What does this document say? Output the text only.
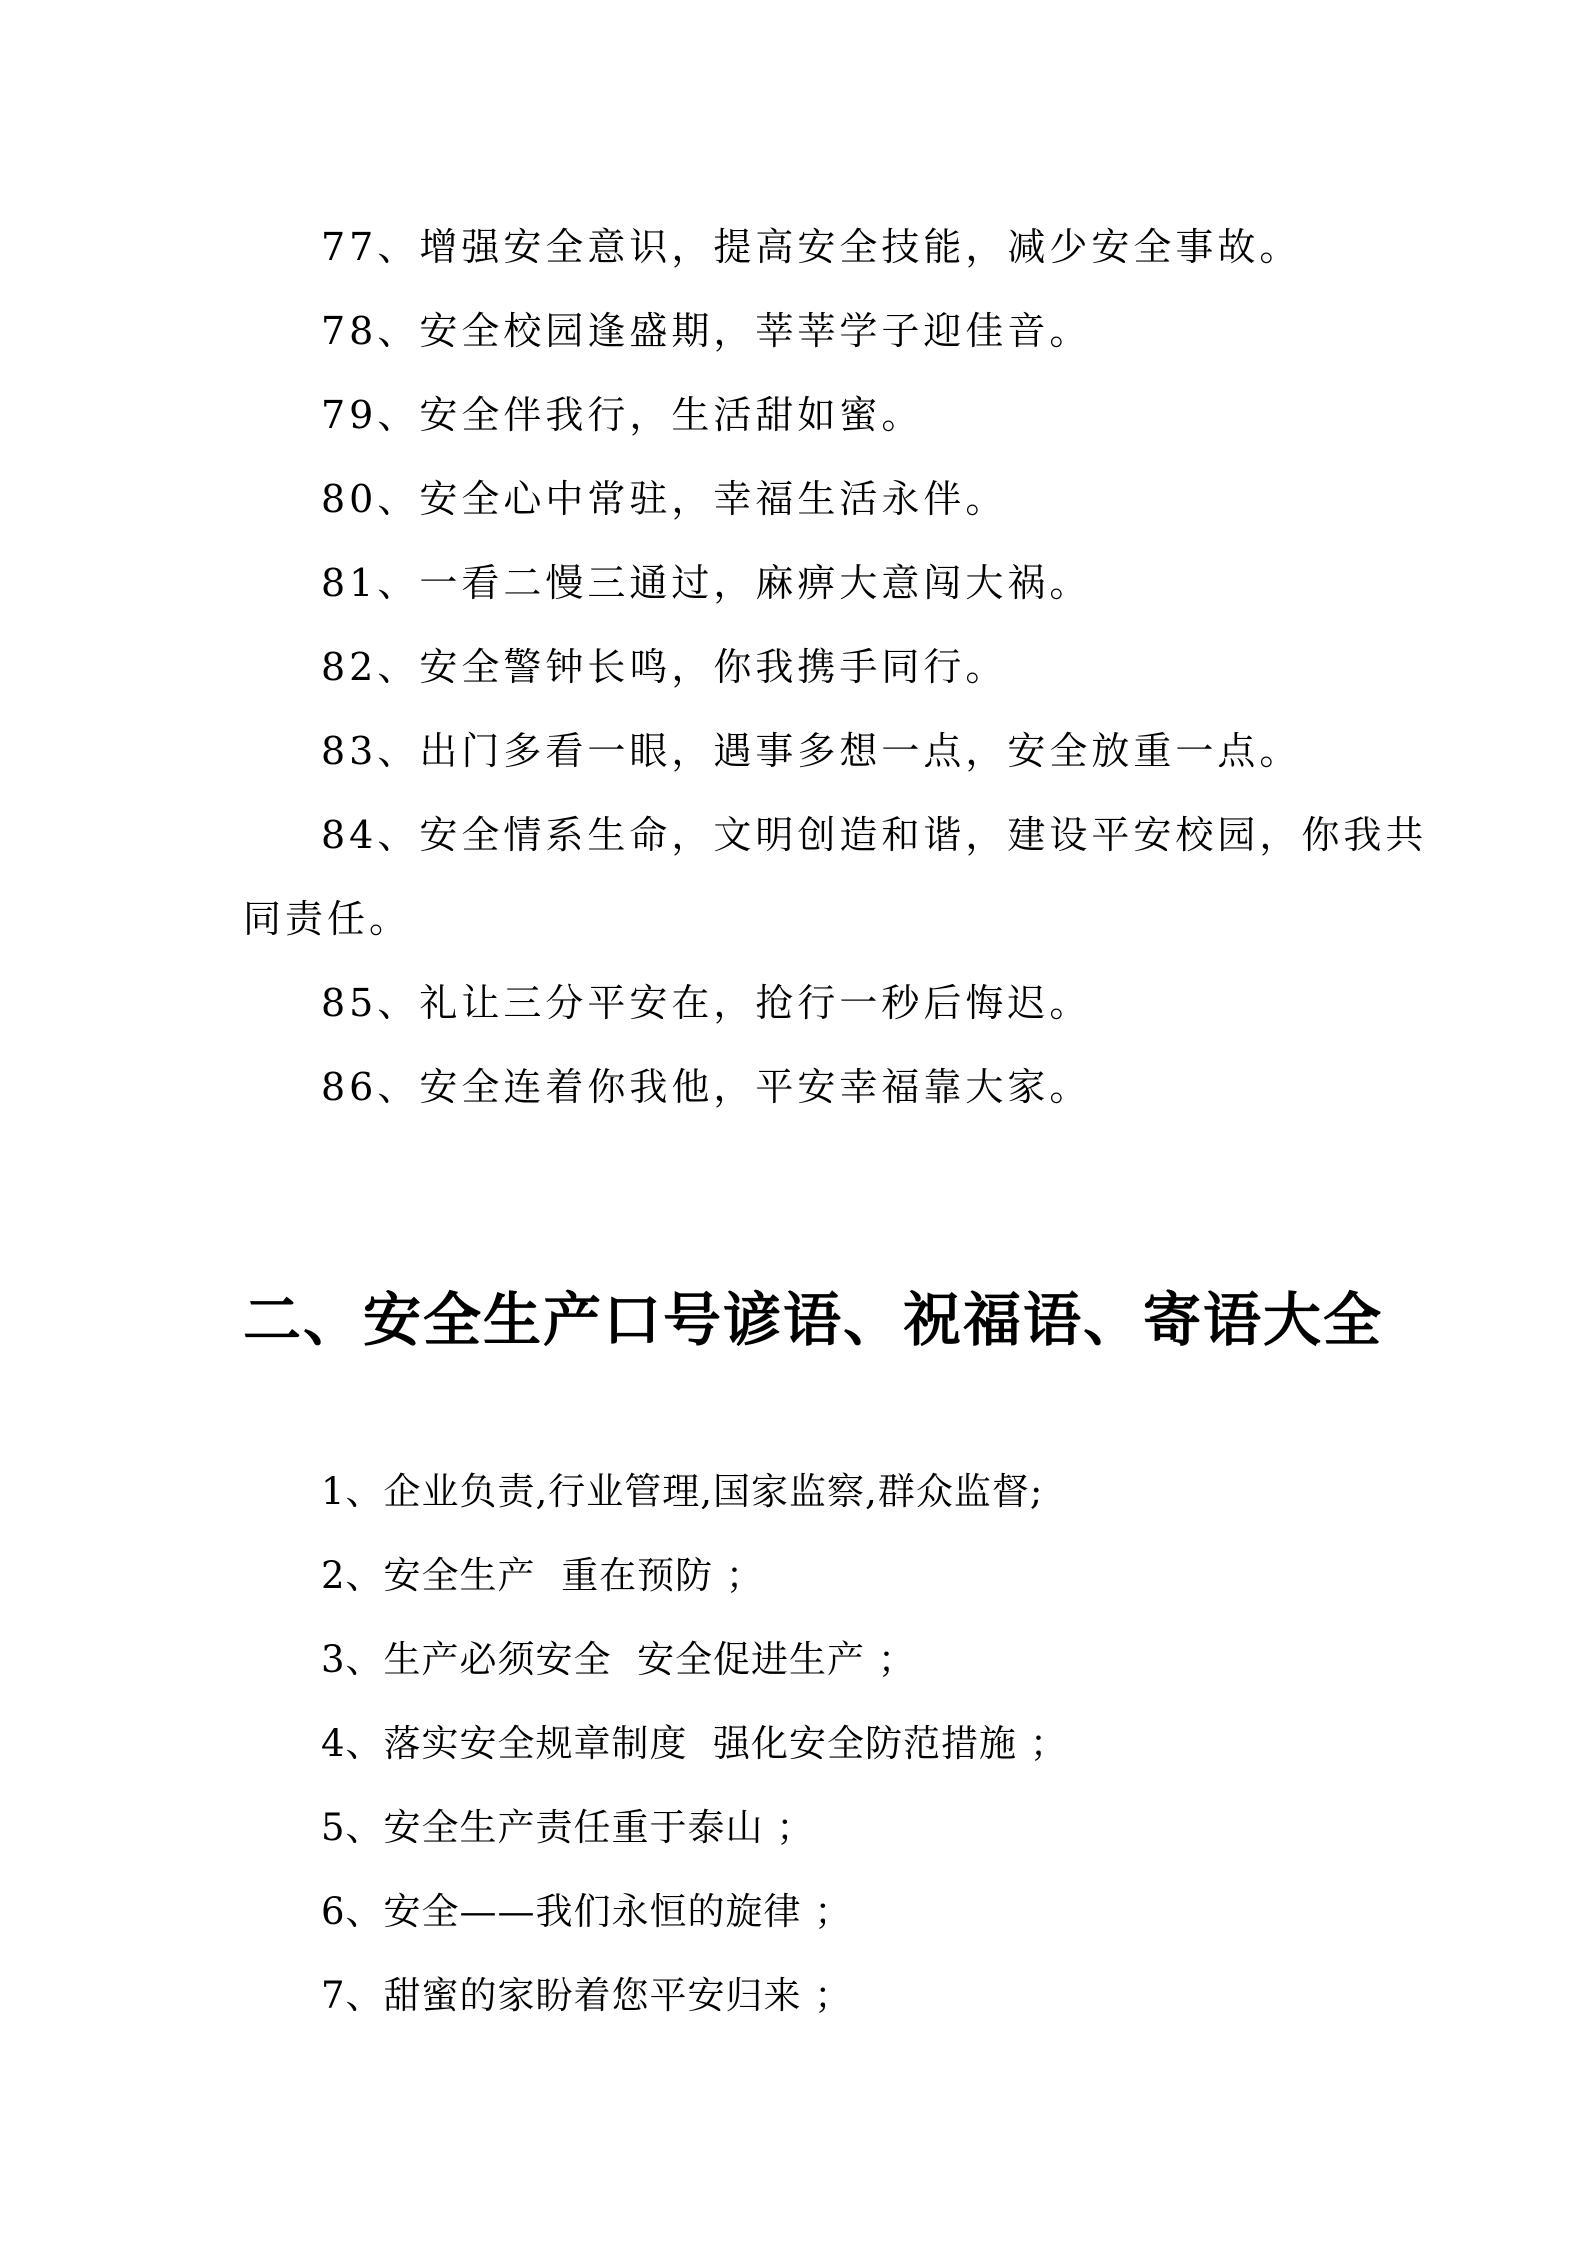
77、增强安全意识，提高安全技能，减少安全事故。

78、安全校园逢盛期，莘莘学子迎佳音。

79、安全伴我行，生活甜如蜜。

80、安全心中常驻，幸福生活永伴。

81、一看二慢三通过，麻痹大意闯大祸。

82、安全警钟长鸣，你我携手同行。

83、出门多看一眼，遇事多想一点，安全放重一点。

84、安全情系生命，文明创造和谐，建设平安校园，你我共

同责任。

85、礼让三分平安在，抢行一秒后悔迟。

86、安全连着你我他，平安幸福靠大家。

二、安全生产口号谚语、祝福语、寄语大全

1、企业负责,行业管理,国家监察,群众监督;

2、安全生产  重在预防 ；

3、生产必须安全  安全促进生产 ；

4、落实安全规章制度  强化安全防范措施 ；

5、安全生产责任重于泰山 ；

6、安全——我们永恒的旋律 ；

7、甜蜜的家盼着您平安归来 ；
